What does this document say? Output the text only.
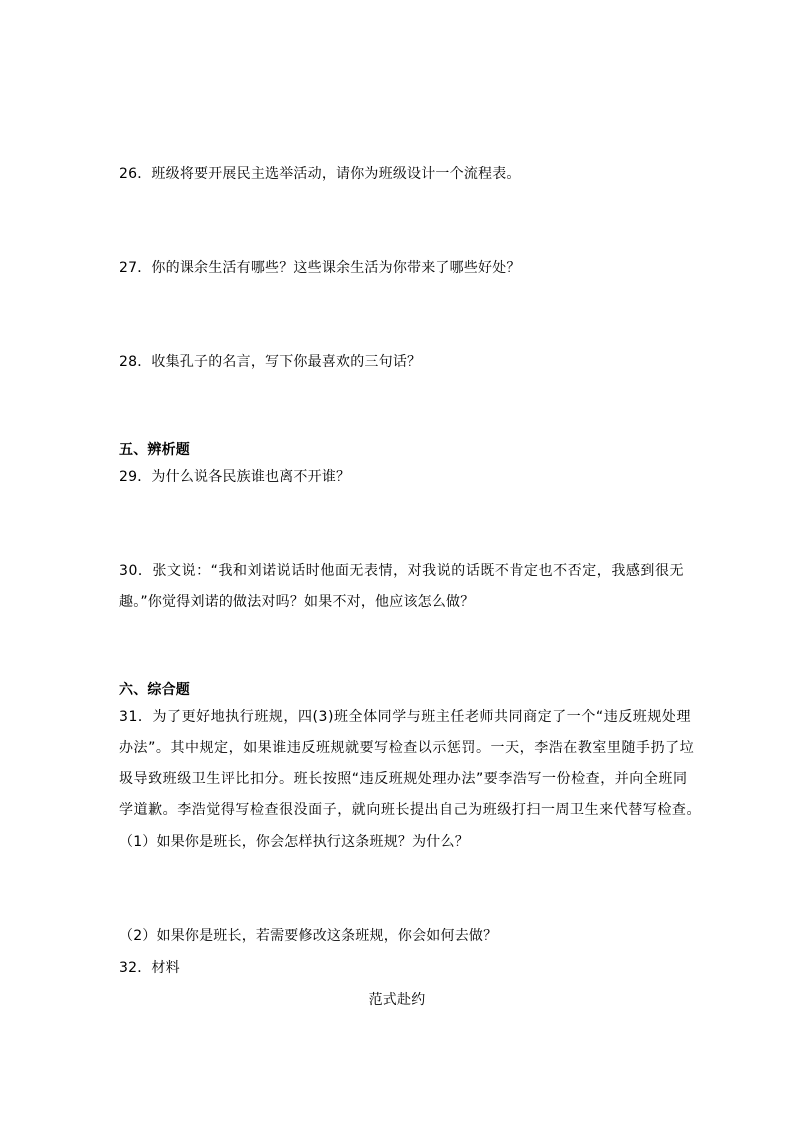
26．班级将要开展民主选举活动，请你为班级设计一个流程表。
27．你的课余生活有哪些？这些课余生活为你带来了哪些好处？
28．收集孔子的名言，写下你最喜欢的三句话？
五、辨析题
29．为什么说各民族谁也离不开谁？
30．张文说：“我和刘诺说话时他面无表情，对我说的话既不肯定也不否定，我感到很无
趣。”你觉得刘诺的做法对吗？如果不对，他应该怎么做？
六、综合题
31．为了更好地执行班规，四(3)班全体同学与班主任老师共同商定了一个“违反班规处理
办法”。其中规定，如果谁违反班规就要写检查以示惩罚。一天，李浩在教室里随手扔了垃
圾导致班级卫生评比扣分。班长按照“违反班规处理办法”要李浩写一份检查，并向全班同
学道歉。李浩觉得写检查很没面子，就向班长提出自己为班级打扫一周卫生来代替写检查。
（1）如果你是班长，你会怎样执行这条班规？为什么？
（2）如果你是班长，若需要修改这条班规，你会如何去做？
32．材料
范式赴约
